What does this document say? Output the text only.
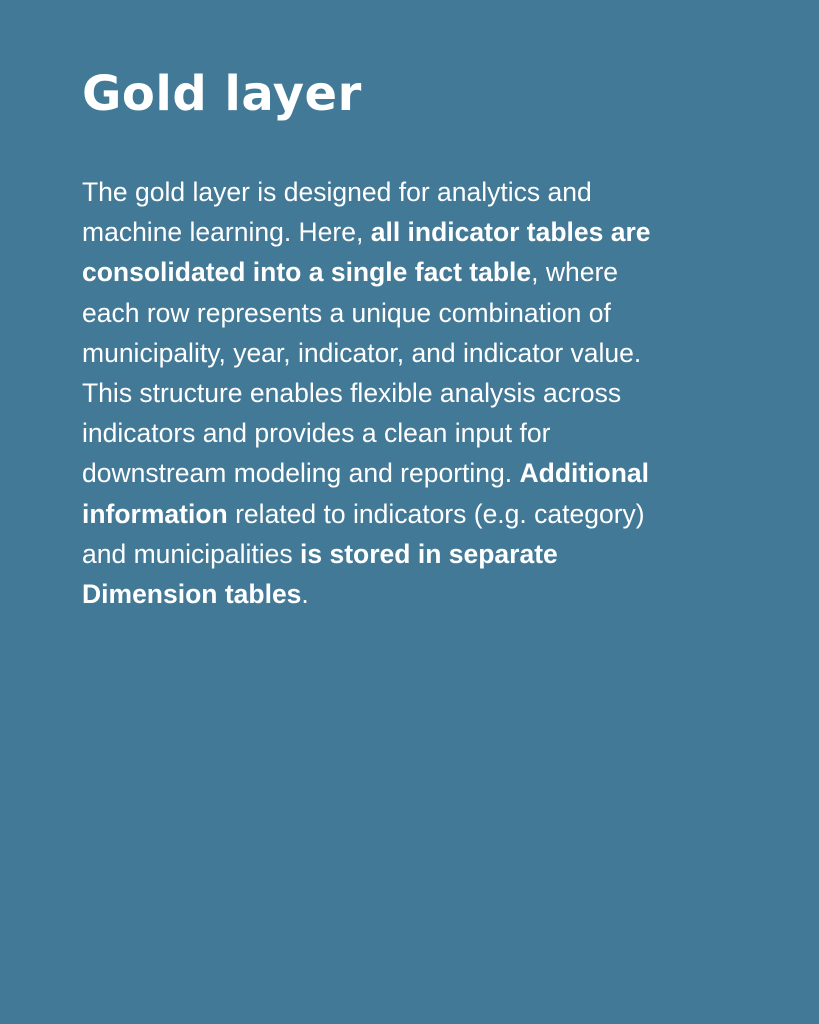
Gold layer

The gold layer is designed for analytics and
machine learning. Here, all indicator tables are
consolidated into a single fact table, where
each row represents a unique combination of
municipality, year, indicator, and indicator value.
This structure enables flexible analysis across
indicators and provides a clean input for
downstream modeling and reporting. Additional
information related to indicators (e.g. category)
and municipalities is stored in separate
Dimension tables.
